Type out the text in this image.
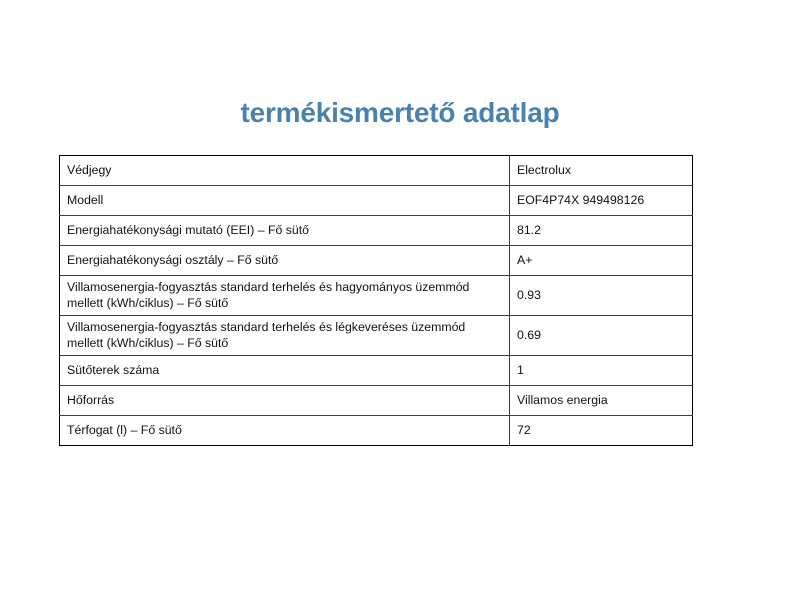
termékismertető adatlap
Védjegy	Electrolux
Modell	EOF4P74X 949498126
Energiahatékonysági mutató (EEI) – Fő sütő	81.2
Energiahatékonysági osztály – Fő sütő	A+
Villamosenergia-fogyasztás standard terhelés és hagyományos üzemmód mellett (kWh/ciklus) – Fő sütő	0.93
Villamosenergia-fogyasztás standard terhelés és légkeveréses üzemmód mellett (kWh/ciklus) – Fő sütő	0.69
Sütőterek száma	1
Hőforrás	Villamos energia
Térfogat (l) – Fő sütő	72
